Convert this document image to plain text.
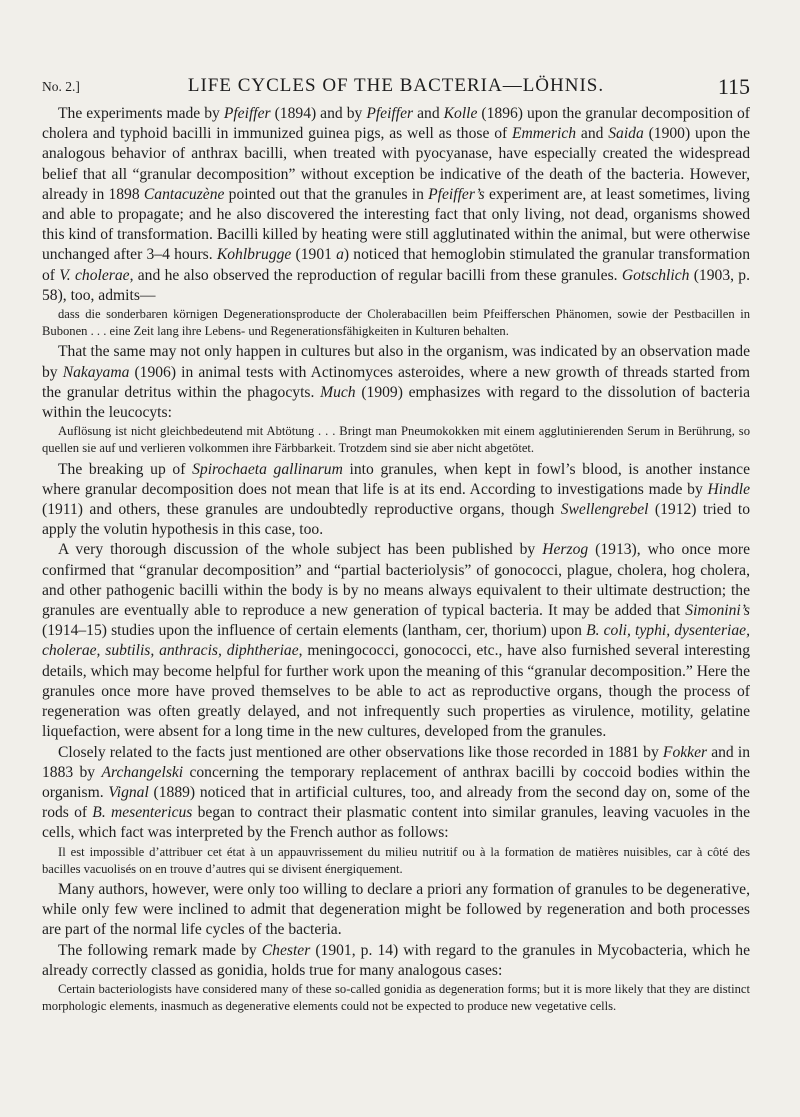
No. 2.]	LIFE CYCLES OF THE BACTERIA—LÖHNIS.	115

The experiments made by Pfeiffer (1894) and by Pfeiffer and Kolle (1896) upon the granular decomposition of cholera and typhoid bacilli in immunized guinea pigs, as well as those of Emmerich and Saida (1900) upon the analogous behavior of anthrax bacilli, when treated with pyocyanase, have especially created the widespread belief that all “granular decomposition” without exception be indicative of the death of the bacteria. However, already in 1898 Cantacuzène pointed out that the granules in Pfeiffer’s experiment are, at least sometimes, living and able to propagate; and he also discovered the interesting fact that only living, not dead, organisms showed this kind of transformation. Bacilli killed by heating were still agglutinated within the animal, but were otherwise unchanged after 3–4 hours. Kohlbrugge (1901 a) noticed that hemoglobin stimulated the granular transformation of V. cholerae, and he also observed the reproduction of regular bacilli from these granules. Gotschlich (1903, p. 58), too, admits—

dass die sonderbaren körnigen Degenerationsproducte der Cholerabacillen beim Pfeifferschen Phänomen, sowie der Pestbacillen in Bubonen . . . eine Zeit lang ihre Lebens- und Regenerationsfähigkeiten in Kulturen behalten.

That the same may not only happen in cultures but also in the organism, was indicated by an observation made by Nakayama (1906) in animal tests with Actinomyces asteroides, where a new growth of threads started from the granular detritus within the phagocyts. Much (1909) emphasizes with regard to the dissolution of bacteria within the leucocyts:

Auflösung ist nicht gleichbedeutend mit Abtötung . . . Bringt man Pneumokokken mit einem agglutinierenden Serum in Berührung, so quellen sie auf und verlieren volkommen ihre Färbbarkeit. Trotzdem sind sie aber nicht abgetötet.

The breaking up of Spirochaeta gallinarum into granules, when kept in fowl’s blood, is another instance where granular decomposition does not mean that life is at its end. According to investigations made by Hindle (1911) and others, these granules are undoubtedly reproductive organs, though Swellengrebel (1912) tried to apply the volutin hypothesis in this case, too.

A very thorough discussion of the whole subject has been published by Herzog (1913), who once more confirmed that “granular decomposition” and “partial bacteriolysis” of gonococci, plague, cholera, hog cholera, and other pathogenic bacilli within the body is by no means always equivalent to their ultimate destruction; the granules are eventually able to reproduce a new generation of typical bacteria. It may be added that Simonini’s (1914–15) studies upon the influence of certain elements (lantham, cer, thorium) upon B. coli, typhi, dysenteriae, cholerae, subtilis, anthracis, diphtheriae, meningococci, gonococci, etc., have also furnished several interesting details, which may become helpful for further work upon the meaning of this “granular decomposition.” Here the granules once more have proved themselves to be able to act as reproductive organs, though the process of regeneration was often greatly delayed, and not infrequently such properties as virulence, motility, gelatine liquefaction, were absent for a long time in the new cultures, developed from the granules.

Closely related to the facts just mentioned are other observations like those recorded in 1881 by Fokker and in 1883 by Archangelski concerning the temporary replacement of anthrax bacilli by coccoid bodies within the organism. Vignal (1889) noticed that in artificial cultures, too, and already from the second day on, some of the rods of B. mesentericus began to contract their plasmatic content into similar granules, leaving vacuoles in the cells, which fact was interpreted by the French author as follows:

Il est impossible d’attribuer cet état à un appauvrissement du milieu nutritif ou à la formation de matières nuisibles, car à côté des bacilles vacuolisés on en trouve d’autres qui se divisent énergiquement.

Many authors, however, were only too willing to declare a priori any formation of granules to be degenerative, while only few were inclined to admit that degeneration might be followed by regeneration and both processes are part of the normal life cycles of the bacteria.

The following remark made by Chester (1901, p. 14) with regard to the granules in Mycobacteria, which he already correctly classed as gonidia, holds true for many analogous cases:

Certain bacteriologists have considered many of these so-called gonidia as degeneration forms; but it is more likely that they are distinct morphologic elements, inasmuch as degenerative elements could not be expected to produce new vegetative cells.
